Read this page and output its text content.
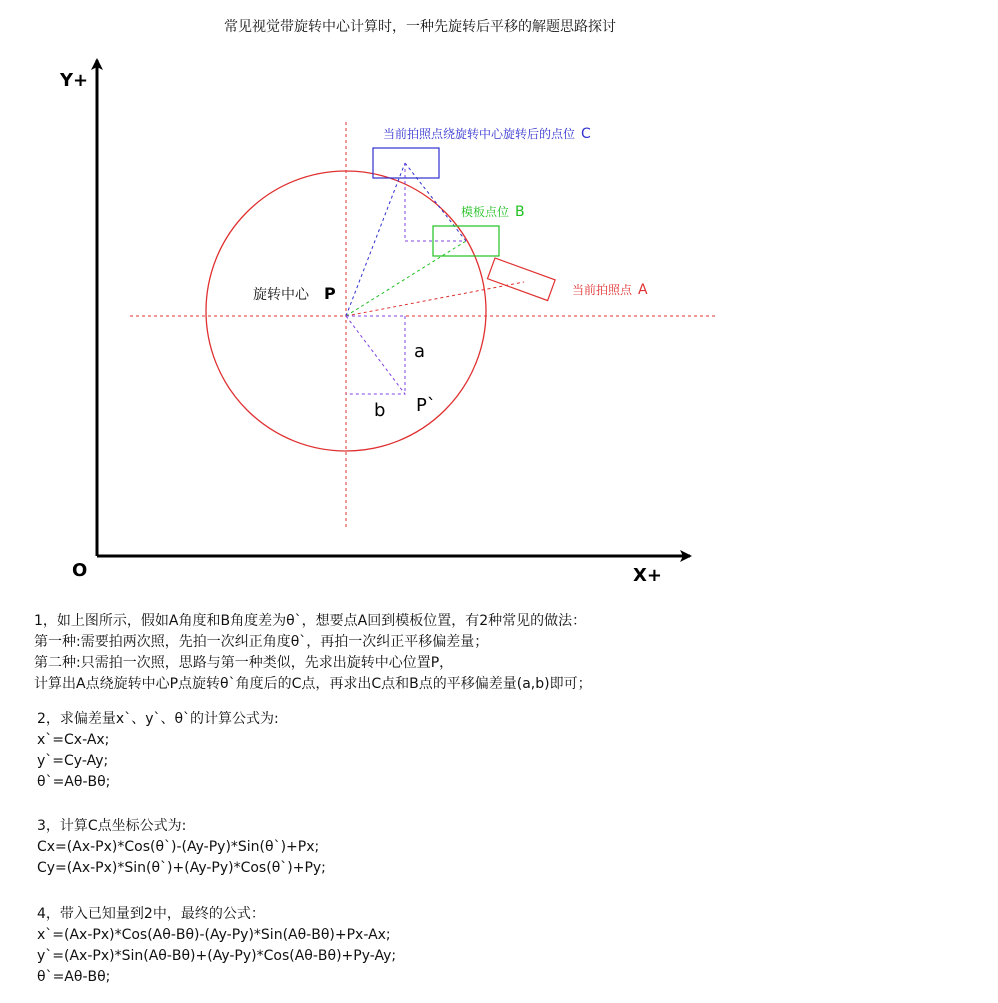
常见视觉带旋转中心计算时，一种先旋转后平移的解题思路探讨
Y+
X+
O
当前拍照点绕旋转中心旋转后的点位 C
模板点位 B
当前拍照点 A
旋转中心 P
a
b P`
1，如上图所示，假如A角度和B角度差为θ`，想要点A回到模板位置，有2种常见的做法：
第一种:需要拍两次照，先拍一次纠正角度θ`，再拍一次纠正平移偏差量；
第二种:只需拍一次照，思路与第一种类似，先求出旋转中心位置P，
计算出A点绕旋转中心P点旋转θ`角度后的C点，再求出C点和B点的平移偏差量(a,b)即可；
2，求偏差量x`、y`、θ`的计算公式为:
x`=Cx-Ax;
y`=Cy-Ay;
θ`=Aθ-Bθ;
3，计算C点坐标公式为:
Cx=(Ax-Px)*Cos(θ`)-(Ay-Py)*Sin(θ`)+Px;
Cy=(Ax-Px)*Sin(θ`)+(Ay-Py)*Cos(θ`)+Py;
4，带入已知量到2中，最终的公式：
x`=(Ax-Px)*Cos(Aθ-Bθ)-(Ay-Py)*Sin(Aθ-Bθ)+Px-Ax;
y`=(Ax-Px)*Sin(Aθ-Bθ)+(Ay-Py)*Cos(Aθ-Bθ)+Py-Ay;
θ`=Aθ-Bθ;
